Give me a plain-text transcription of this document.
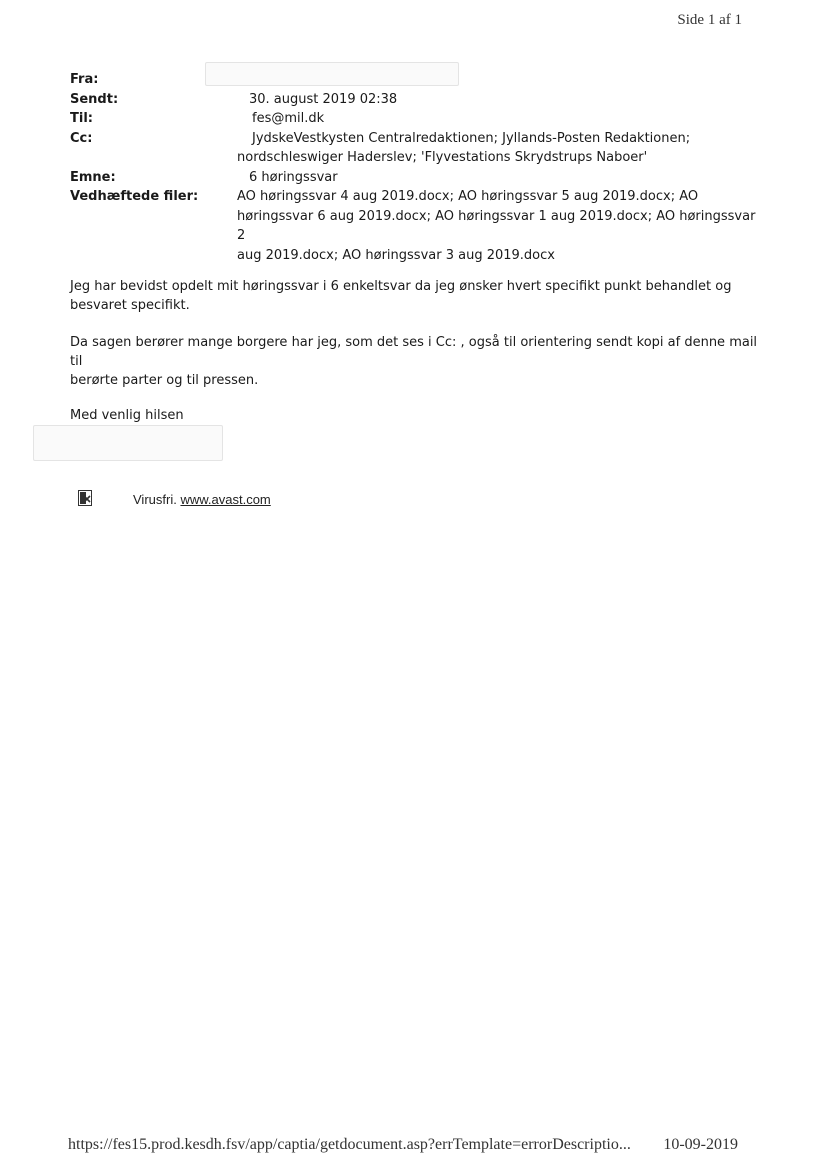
Side 1 af 1
Fra:

Sendt:	30. august 2019 02:38
Til:	fes@mil.dk
Cc:	JydskeVestkysten Centralredaktionen; Jyllands-Posten Redaktionen;
nordschleswiger Haderslev; 'Flyvestations Skrydstrups Naboer'
Emne:	6 høringssvar
Vedhæftede filer:	AO høringssvar 4 aug 2019.docx; AO høringssvar 5 aug 2019.docx; AO
høringssvar 6 aug 2019.docx; AO høringssvar 1 aug 2019.docx; AO høringssvar 2
aug 2019.docx; AO høringssvar 3 aug 2019.docx
Jeg har bevidst opdelt mit høringssvar i 6 enkeltsvar da jeg ønsker hvert specifikt punkt behandlet og
besvaret specifikt.
Da sagen berører mange borgere har jeg, som det ses i Cc: , også til orientering sendt kopi af denne mail til
berørte parter og til pressen.
Med venlig hilsen
Virusfri. www.avast.com
https://fes15.prod.kesdh.fsv/app/captia/getdocument.asp?errTemplate=errorDescriptio... 10-09-2019
